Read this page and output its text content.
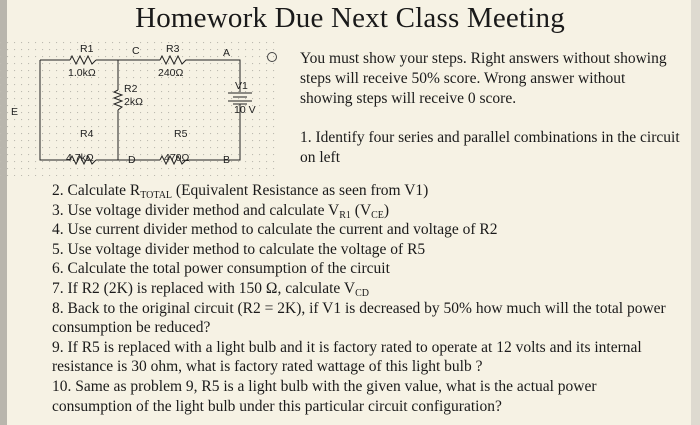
Homework Due Next Class Meeting
R1
1.0kΩ
C	R3
240Ω
A
R2
2kΩ
V1
10 V
E
R4
4.7kΩ
R5
470Ω
D	B
You must show your steps. Right answers without showing steps will receive 50% score. Wrong answer without showing steps will receive 0 score.
1. Identify four series and parallel combinations in the circuit on left
2. Calculate $R_{TOTAL}$ (Equivalent Resistance as seen from V1)
3. Use voltage divider method and calculate $V_{R1}$ $(V_{CE})$
4. Use current divider method to calculate the current and voltage of R2
5. Use voltage divider method to calculate the voltage of R5
6. Calculate the total power consumption of the circuit
7. If R2 (2K) is replaced with 150 Ω, calculate $V_{CD}$
8. Back to the original circuit (R2 = 2K), if V1 is decreased by 50% how much will the total power consumption be reduced?
9. If R5 is replaced with a light bulb and it is factory rated to operate at 12 volts and its internal resistance is 30 ohm, what is factory rated wattage of this light bulb ?
10. Same as problem 9, R5 is a light bulb with the given value, what is the actual power consumption of the light bulb under this particular circuit configuration?
